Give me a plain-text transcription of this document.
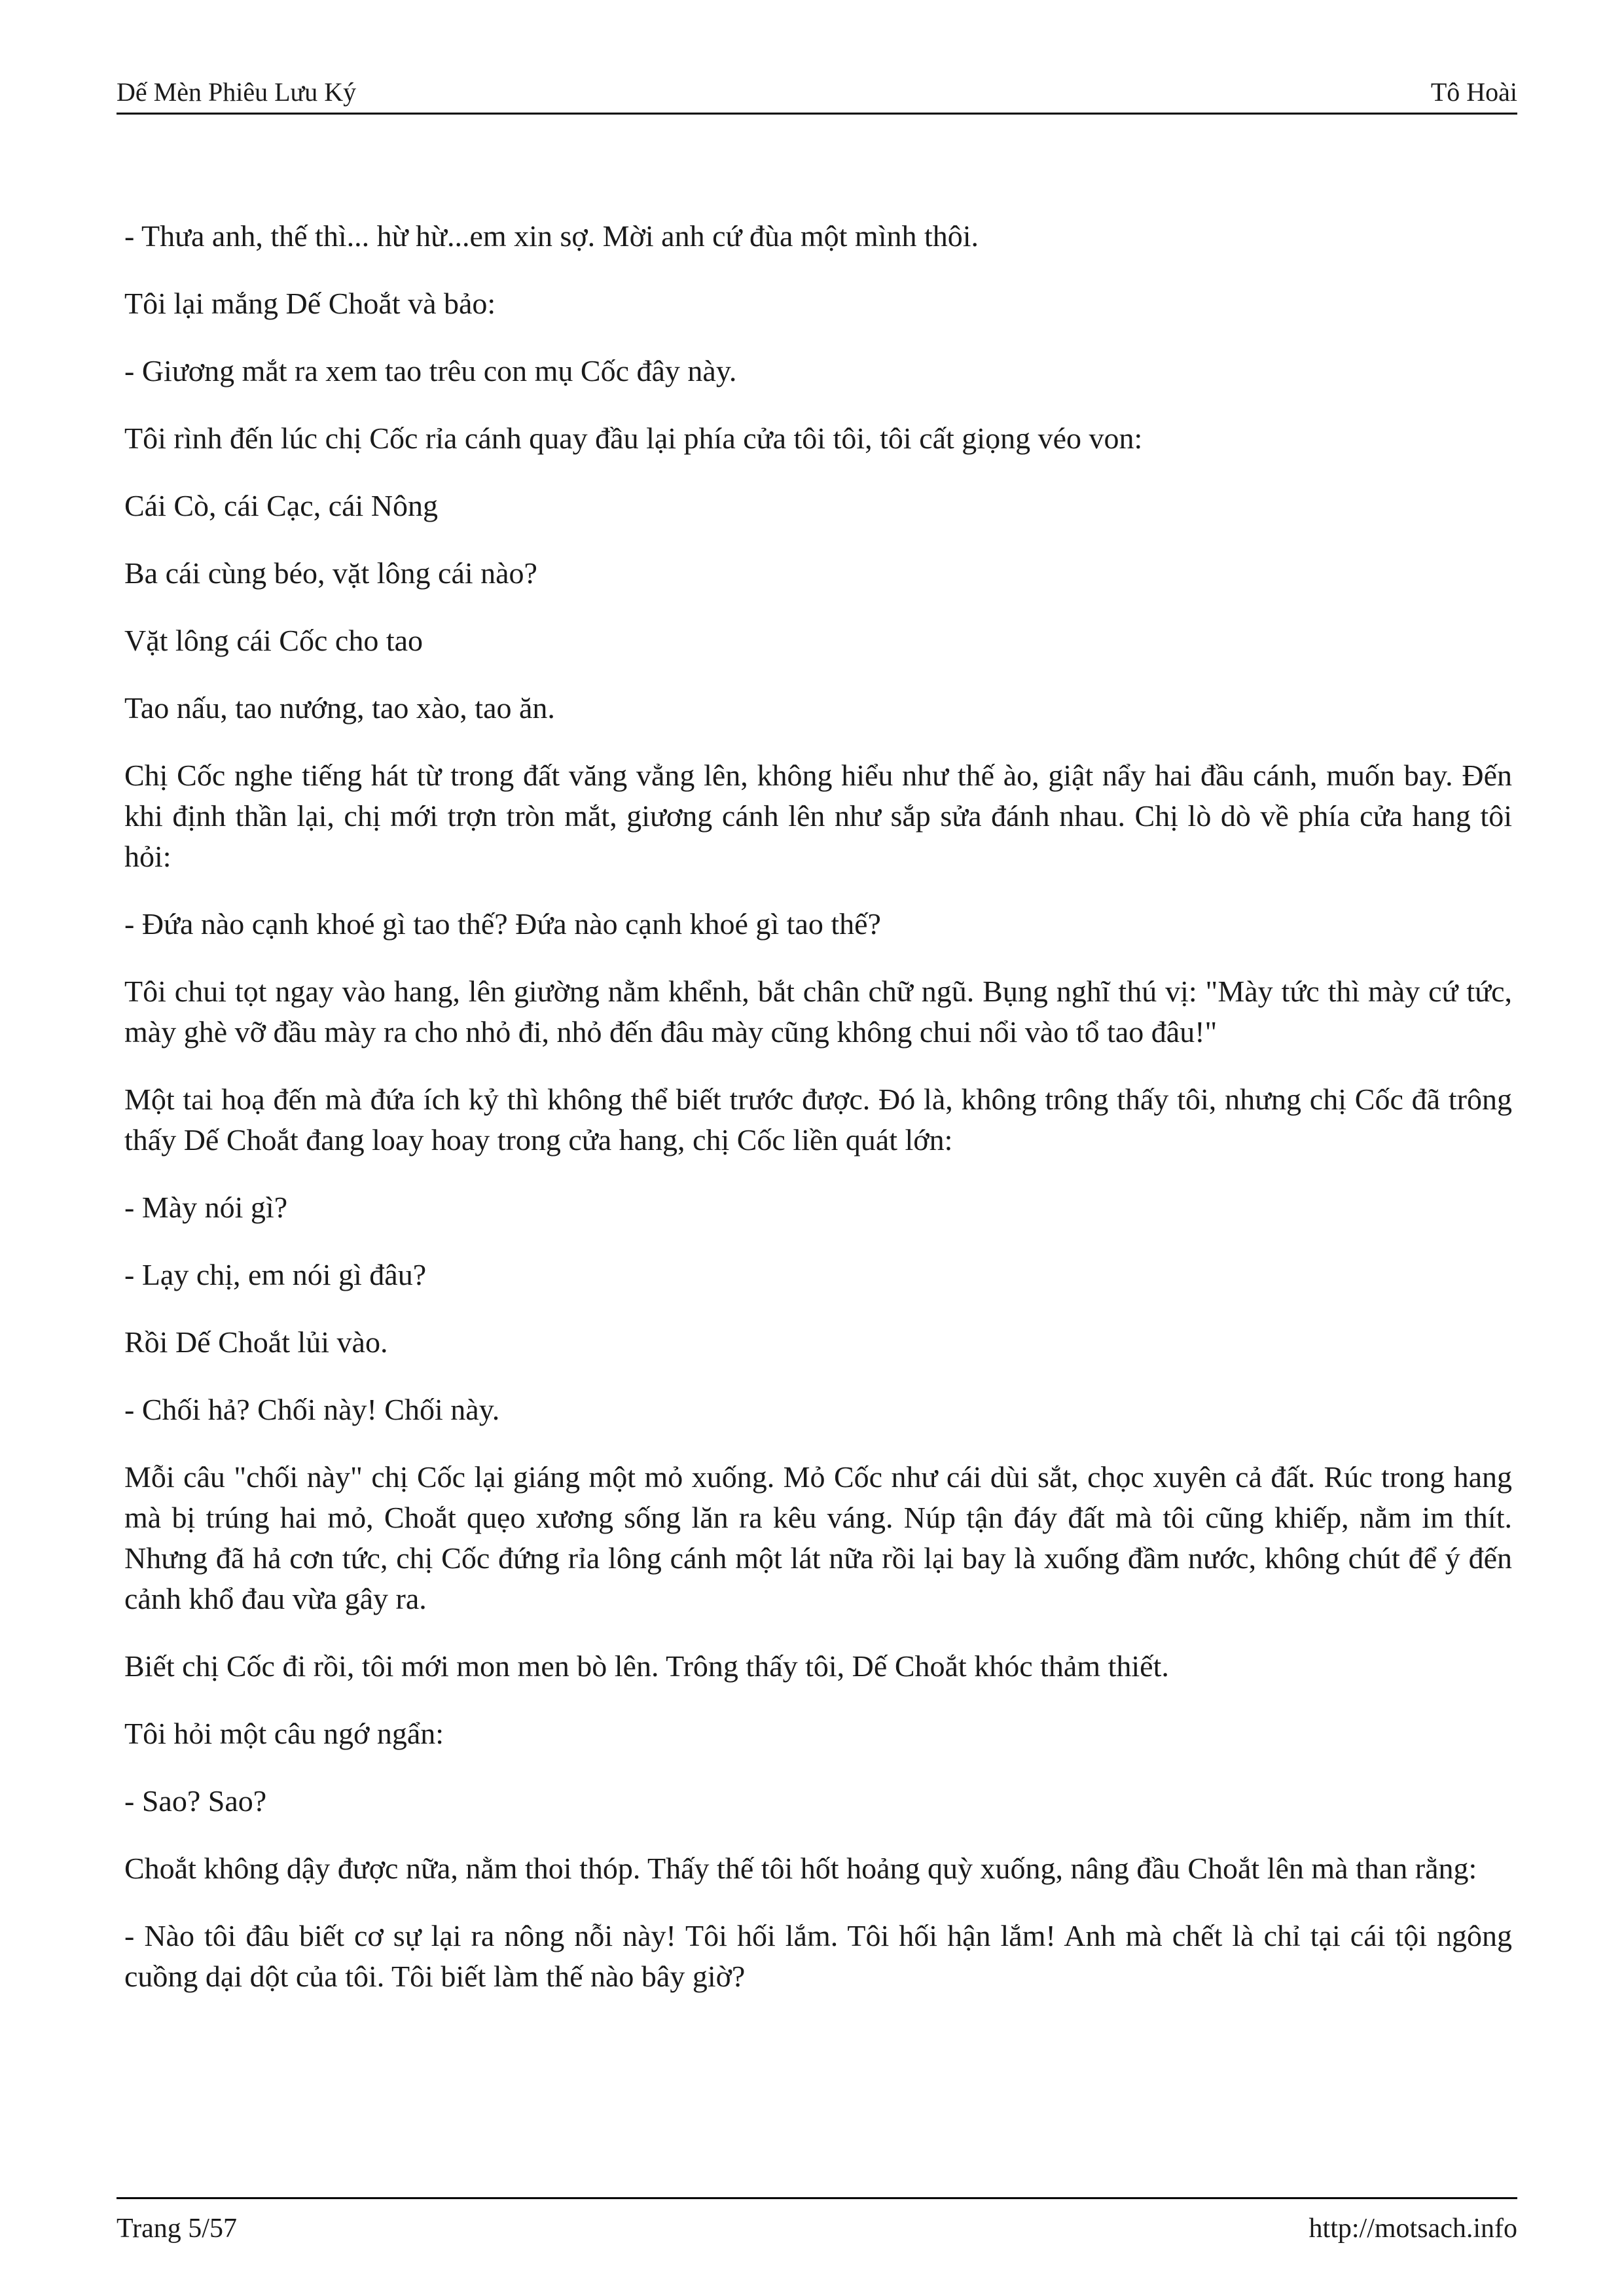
Dế Mèn Phiêu Lưu Ký	Tô Hoài

- Thưa anh, thế thì... hừ hừ...em xin sợ. Mời anh cứ đùa một mình thôi.

Tôi lại mắng Dế Choắt và bảo:

- Giương mắt ra xem tao trêu con mụ Cốc đây này.

Tôi rình đến lúc chị Cốc rỉa cánh quay đầu lại phía cửa tôi tôi, tôi cất giọng véo von:

Cái Cò, cái Cạc, cái Nông

Ba cái cùng béo, vặt lông cái nào?

Vặt lông cái Cốc cho tao

Tao nấu, tao nướng, tao xào, tao ăn.

Chị Cốc nghe tiếng hát từ trong đất văng vẳng lên, không hiểu như thế ào, giật nẩy hai đầu cánh, muốn bay. Đến khi định thần lại, chị mới trợn tròn mắt, giương cánh lên như sắp sửa đánh nhau. Chị lò dò về phía cửa hang tôi hỏi:

- Đứa nào cạnh khoé gì tao thế? Đứa nào cạnh khoé gì tao thế?

Tôi chui tọt ngay vào hang, lên giường nằm khểnh, bắt chân chữ ngũ. Bụng nghĩ thú vị: "Mày tức thì mày cứ tức, mày ghè vỡ đầu mày ra cho nhỏ đi, nhỏ đến đâu mày cũng không chui nổi vào tổ tao đâu!"

Một tai hoạ đến mà đứa ích kỷ thì không thể biết trước được. Đó là, không trông thấy tôi, nhưng chị Cốc đã trông thấy Dế Choắt đang loay hoay trong cửa hang, chị Cốc liền quát lớn:

- Mày nói gì?

- Lạy chị, em nói gì đâu?

Rồi Dế Choắt lủi vào.

- Chối hả? Chối này! Chối này.

Mỗi câu "chối này" chị Cốc lại giáng một mỏ xuống. Mỏ Cốc như cái dùi sắt, chọc xuyên cả đất. Rúc trong hang mà bị trúng hai mỏ, Choắt quẹo xương sống lăn ra kêu váng. Núp tận đáy đất mà tôi cũng khiếp, nằm im thít. Nhưng đã hả cơn tức, chị Cốc đứng rỉa lông cánh một lát nữa rồi lại bay là xuống đầm nước, không chút để ý đến cảnh khổ đau vừa gây ra.

Biết chị Cốc đi rồi, tôi mới mon men bò lên. Trông thấy tôi, Dế Choắt khóc thảm thiết.

Tôi hỏi một câu ngớ ngẩn:

- Sao? Sao?

Choắt không dậy được nữa, nằm thoi thóp. Thấy thế tôi hốt hoảng quỳ xuống, nâng đầu Choắt lên mà than rằng:

- Nào tôi đâu biết cơ sự lại ra nông nỗi này! Tôi hối lắm. Tôi hối hận lắm! Anh mà chết là chỉ tại cái tội ngông cuồng dại dột của tôi. Tôi biết làm thế nào bây giờ?

Trang 5/57	http://motsach.info
